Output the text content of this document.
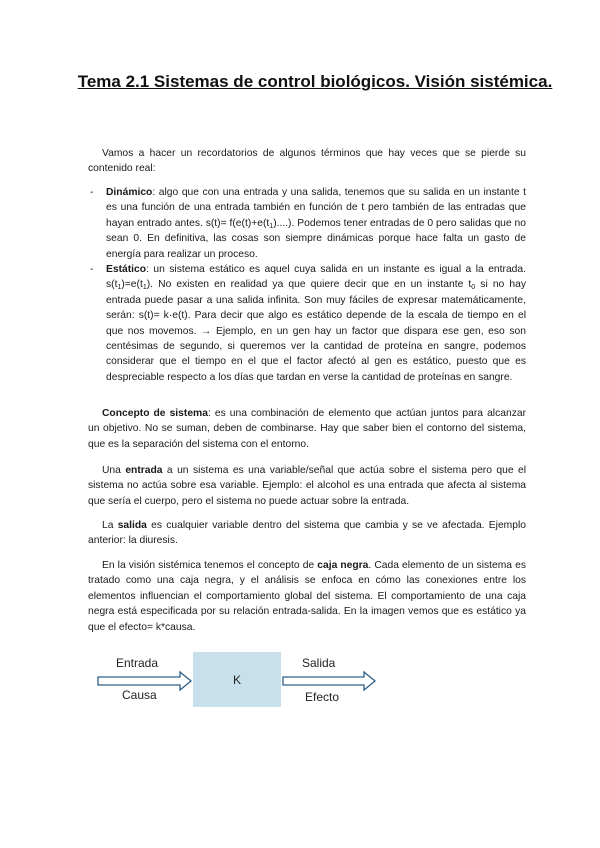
Tema 2.1 Sistemas de control biológicos. Visión sistémica.

Vamos a hacer un recordatorios de algunos términos que hay veces que se pierde su contenido real:

- Dinámico: algo que con una entrada y una salida, tenemos que su salida en un instante t es una función de una entrada también en función de t pero también de las entradas que hayan entrado antes. $s(t)= f(e(t)+e(t_1)....)$. Podemos tener entradas de 0 pero salidas que no sean 0. En definitiva, las cosas son siempre dinámicas porque hace falta un gasto de energía para realizar un proceso.
- Estático: un sistema estático es aquel cuya salida en un instante es igual a la entrada. $s(t_1)=e(t_1)$. No existen en realidad ya que quiere decir que en un instante $t_0$ si no hay entrada puede pasar a una salida infinita. Son muy fáciles de expresar matemáticamente, serán: s(t)= k·e(t). Para decir que algo es estático depende de la escala de tiempo en el que nos movemos. → Ejemplo, en un gen hay un factor que dispara ese gen, eso son centésimas de segundo, si queremos ver la cantidad de proteína en sangre, podemos considerar que el tiempo en el que el factor afectó al gen es estático, puesto que es despreciable respecto a los días que tardan en verse la cantidad de proteínas en sangre.

Concepto de sistema: es una combinación de elemento que actúan juntos para alcanzar un objetivo. No se suman, deben de combinarse. Hay que saber bien el contorno del sistema, que es la separación del sistema con el entorno.

Una entrada a un sistema es una variable/señal que actúa sobre el sistema pero que el sistema no actúa sobre esa variable. Ejemplo: el alcohol es una entrada que afecta al sistema que sería el cuerpo, pero el sistema no puede actuar sobre la entrada.

La salida es cualquier variable dentro del sistema que cambia y se ve afectada. Ejemplo anterior: la diuresis.

En la visión sistémica tenemos el concepto de caja negra. Cada elemento de un sistema es tratado como una caja negra, y el análisis se enfoca en cómo las conexiones entre los elementos influencian el comportamiento global del sistema. El comportamiento de una caja negra está especificada por su relación entrada-salida. En la imagen vemos que es estático ya que el efecto= k*causa.

Entrada
Causa
K
Salida
Efecto
